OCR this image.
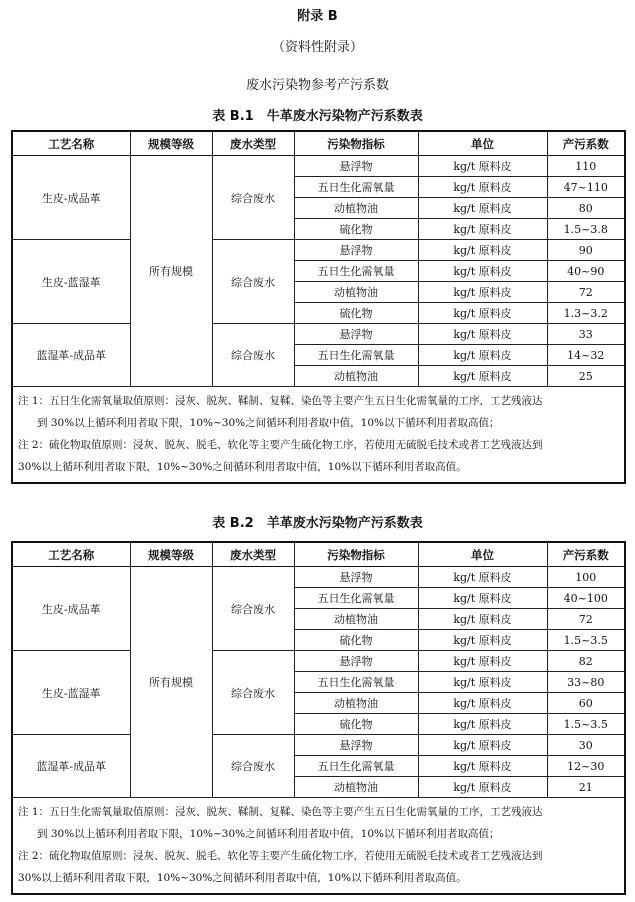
附录 B
（资料性附录）
废水污染物参考产污系数
表 B.1　牛革废水污染物产污系数表
工艺名称	规模等级	废水类型	污染物指标	单位	产污系数
生皮-成品革	所有规模	综合废水	悬浮物	kg/t 原料皮	110
			五日生化需氧量	kg/t 原料皮	47~110
			动植物油	kg/t 原料皮	80
			硫化物	kg/t 原料皮	1.5~3.8
生皮-蓝湿革		综合废水	悬浮物	kg/t 原料皮	90
			五日生化需氧量	kg/t 原料皮	40~90
			动植物油	kg/t 原料皮	72
			硫化物	kg/t 原料皮	1.3~3.2
蓝湿革-成品革		综合废水	悬浮物	kg/t 原料皮	33
			五日生化需氧量	kg/t 原料皮	14~32
			动植物油	kg/t 原料皮	25

注 1：五日生化需氧量取值原则：浸灰、脱灰、鞣制、复鞣、染色等主要产生五日生化需氧量的工序，工艺残液达

到 30%以上循环利用者取下限，10%~30%之间循环利用者取中值，10%以下循环利用者取高值；

注 2：硫化物取值原则：浸灰、脱灰、脱毛、软化等主要产生硫化物工序，若使用无硫脱毛技术或者工艺残液达到

30%以上循环利用者取下限，10%~30%之间循环利用者取中值，10%以下循环利用者取高值。					

表 B.2　羊革废水污染物产污系数表
工艺名称	规模等级	废水类型	污染物指标	单位	产污系数
生皮-成品革	所有规模	综合废水	悬浮物	kg/t 原料皮	100
			五日生化需氧量	kg/t 原料皮	40~100
			动植物油	kg/t 原料皮	72
			硫化物	kg/t 原料皮	1.5~3.5
生皮-蓝湿革		综合废水	悬浮物	kg/t 原料皮	82
			五日生化需氧量	kg/t 原料皮	33~80
			动植物油	kg/t 原料皮	60
			硫化物	kg/t 原料皮	1.5~3.5
蓝湿革-成品革		综合废水	悬浮物	kg/t 原料皮	30
			五日生化需氧量	kg/t 原料皮	12~30
			动植物油	kg/t 原料皮	21

注 1：五日生化需氧量取值原则：浸灰、脱灰、鞣制、复鞣、染色等主要产生五日生化需氧量的工序，工艺残液达

到 30%以上循环利用者取下限，10%~30%之间循环利用者取中值，10%以下循环利用者取高值；

注 2：硫化物取值原则：浸灰、脱灰、脱毛、软化等主要产生硫化物工序，若使用无硫脱毛技术或者工艺残液达到

30%以上循环利用者取下限，10%~30%之间循环利用者取中值，10%以下循环利用者取高值。					
